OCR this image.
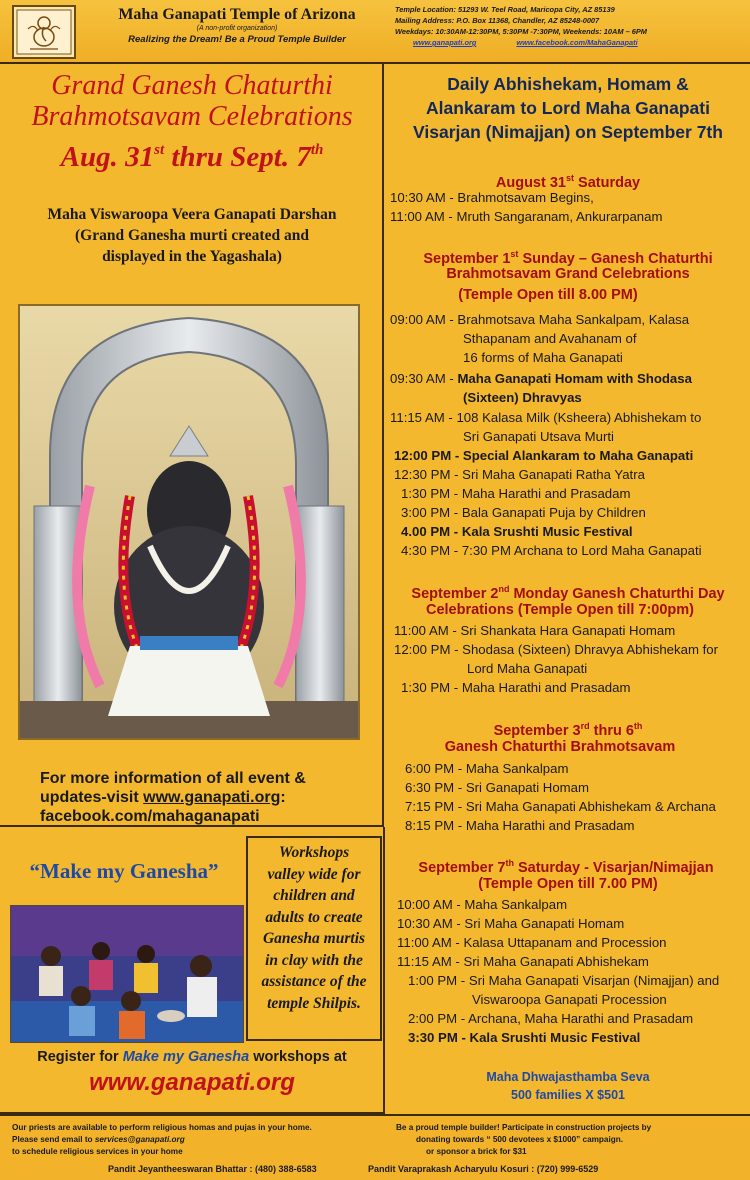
Maha Ganapati Temple of Arizona
(A non-profit organization)
Realizing the Dream! Be a Proud Temple Builder
Temple Location: 51293 W. Teel Road, Maricopa City, AZ 85139
Mailing Address: P.O. Box 11368, Chandler, AZ 85248-0007
Weekdays: 10:30AM-12:30PM, 5:30PM -7:30PM, Weekends: 10AM – 6PM
www.ganapati.org	www.facebook.com/MahaGanapati
Grand Ganesh Chaturthi
Brahmotsavam Celebrations
Aug. 31st thru Sept. 7th
Maha Viswaroopa Veera Ganapati Darshan
(Grand Ganesha murti created and
displayed in the Yagashala)
For more information of all event &
updates-visit www.ganapati.org:
facebook.com/mahaganapati
“Make my Ganesha”
Workshops
valley wide for
children and
adults to create
Ganesha murtis
in clay with the
assistance of the
temple Shilpis.
Register for Make my Ganesha workshops at
www.ganapati.org
Daily Abhishekam, Homam &
Alankaram to Lord Maha Ganapati
Visarjan (Nimajjan) on September 7th
August 31st Saturday
10:30 AM - Brahmotsavam Begins,
11:00 AM - Mruth Sangaranam, Ankurarpanam
September 1st Sunday – Ganesh Chaturthi
Brahmotsavam Grand Celebrations
(Temple Open till 8.00 PM)
09:00 AM - Brahmotsava Maha Sankalpam, Kalasa
Sthapanam and Avahanam of
16 forms of Maha Ganapati
09:30 AM - Maha Ganapati Homam with Shodasa
(Sixteen) Dhravyas
11:15 AM - 108 Kalasa Milk (Ksheera) Abhishekam to
Sri Ganapati Utsava Murti
12:00 PM - Special Alankaram to Maha Ganapati
12:30 PM - Sri Maha Ganapati Ratha Yatra
1:30 PM - Maha Harathi and Prasadam
3:00 PM - Bala Ganapati Puja by Children
4.00 PM - Kala Srushti Music Festival
4:30 PM - 7:30 PM Archana to Lord Maha Ganapati
September 2nd Monday Ganesh Chaturthi Day
Celebrations (Temple Open till 7:00pm)
11:00 AM - Sri Shankata Hara Ganapati Homam
12:00 PM - Shodasa (Sixteen) Dhravya Abhishekam for
Lord Maha Ganapati
1:30 PM - Maha Harathi and Prasadam
September 3rd thru 6th
Ganesh Chaturthi Brahmotsavam
6:00 PM - Maha Sankalpam
6:30 PM - Sri Ganapati Homam
7:15 PM - Sri Maha Ganapati Abhishekam & Archana
8:15 PM - Maha Harathi and Prasadam
September 7th Saturday - Visarjan/Nimajjan
(Temple Open till 7.00 PM)
10:00 AM - Maha Sankalpam
10:30 AM - Sri Maha Ganapati Homam
11:00 AM - Kalasa Uttapanam and Procession
11:15 AM - Sri Maha Ganapati Abhishekam
1:00 PM - Sri Maha Ganapati Visarjan (Nimajjan) and
Viswaroopa Ganapati Procession
2:00 PM - Archana, Maha Harathi and Prasadam
3:30 PM - Kala Srushti Music Festival
Maha Dhwajasthamba Seva
500 families X $501
Our priests are available to perform religious homas and pujas in your home.
Please send email to services@ganapati.org
to schedule religious services in your home
Be a proud temple builder! Participate in construction projects by
donating towards “ 500 devotees x $1000” campaign.
or sponsor a brick for $31
Pandit Jeyantheeswaran Bhattar : (480) 388-6583	Pandit Varaprakash Acharyulu Kosuri : (720) 999-6529
